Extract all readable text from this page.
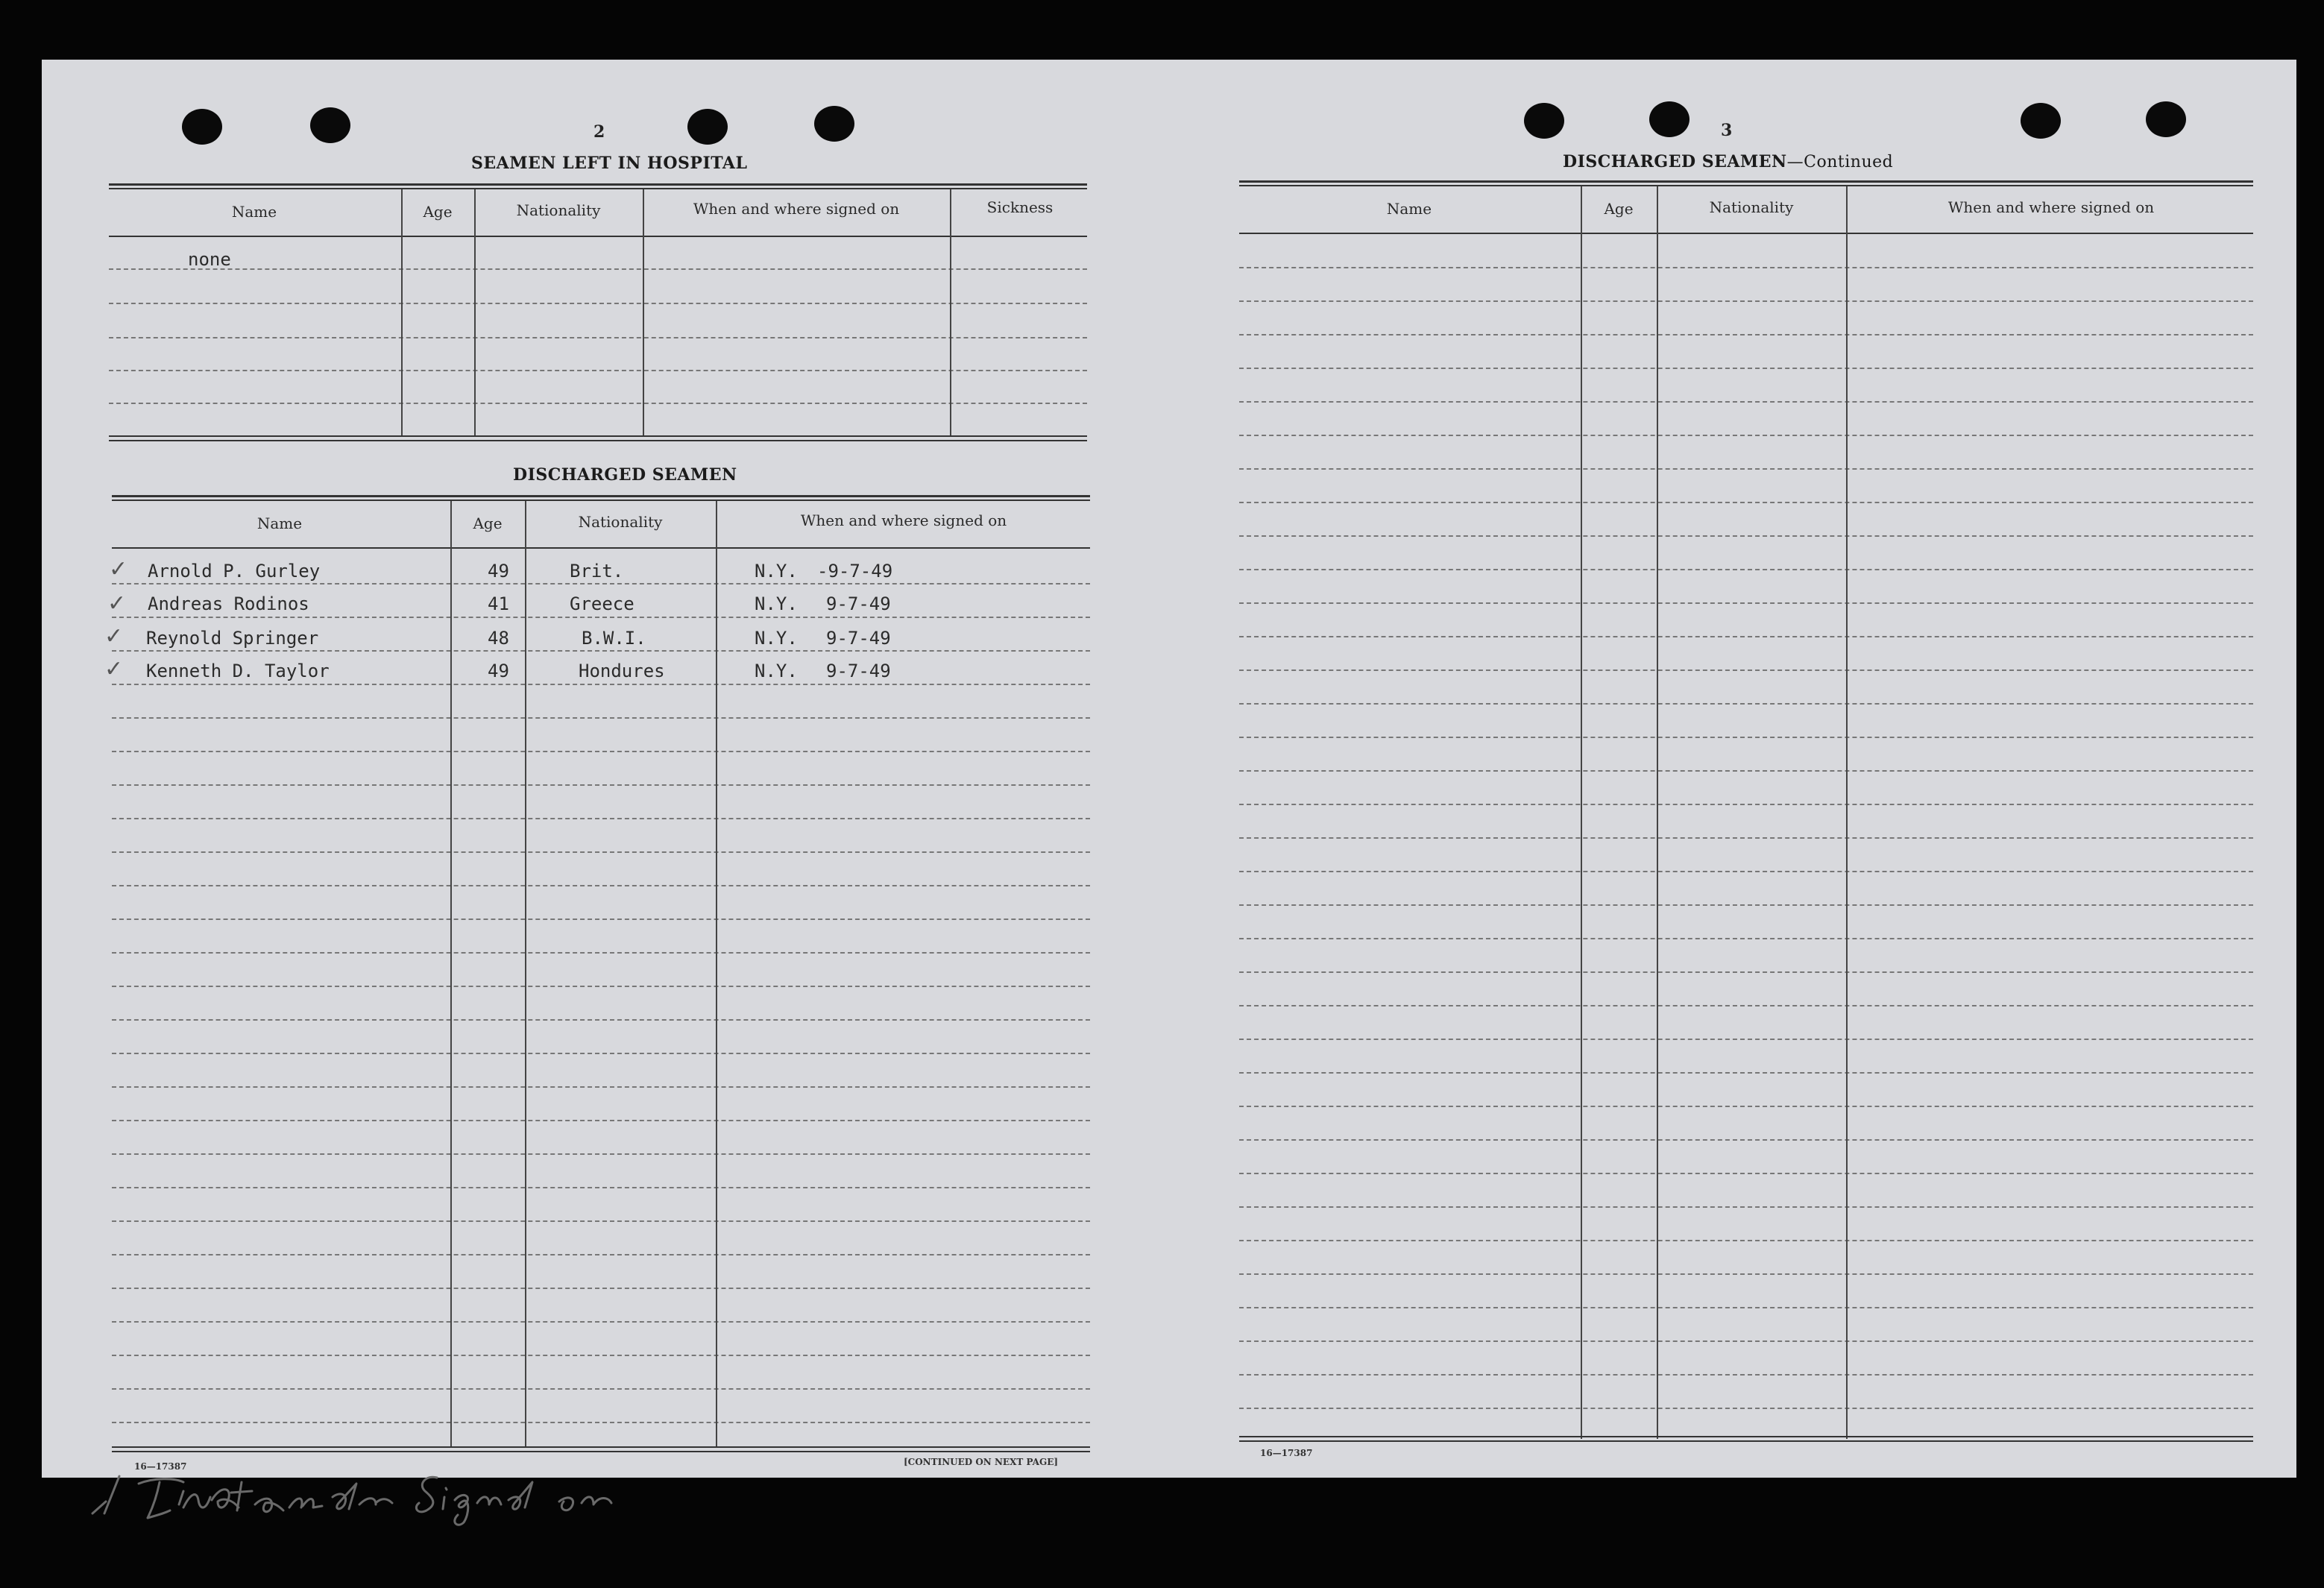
2
SEAMEN LEFT IN HOSPITAL
Name	Age	Nationality	When and where signed on	Sickness
none
DISCHARGED SEAMEN
Name	Age	Nationality	When and where signed on
✓ Arnold P. Gurley	49	Brit.	N.Y. -9-7-49
✓ Andreas Rodinos	41	Greece	N.Y. 9-7-49
✓ Reynold Springer	48	B.W.I.	N.Y. 9-7-49
✓ Kenneth D. Taylor	49	Hondures	N.Y. 9-7-49
16—17387	[CONTINUED ON NEXT PAGE]
3
DISCHARGED SEAMEN—Continued
Name	Age	Nationality	When and where signed on
16—17387
